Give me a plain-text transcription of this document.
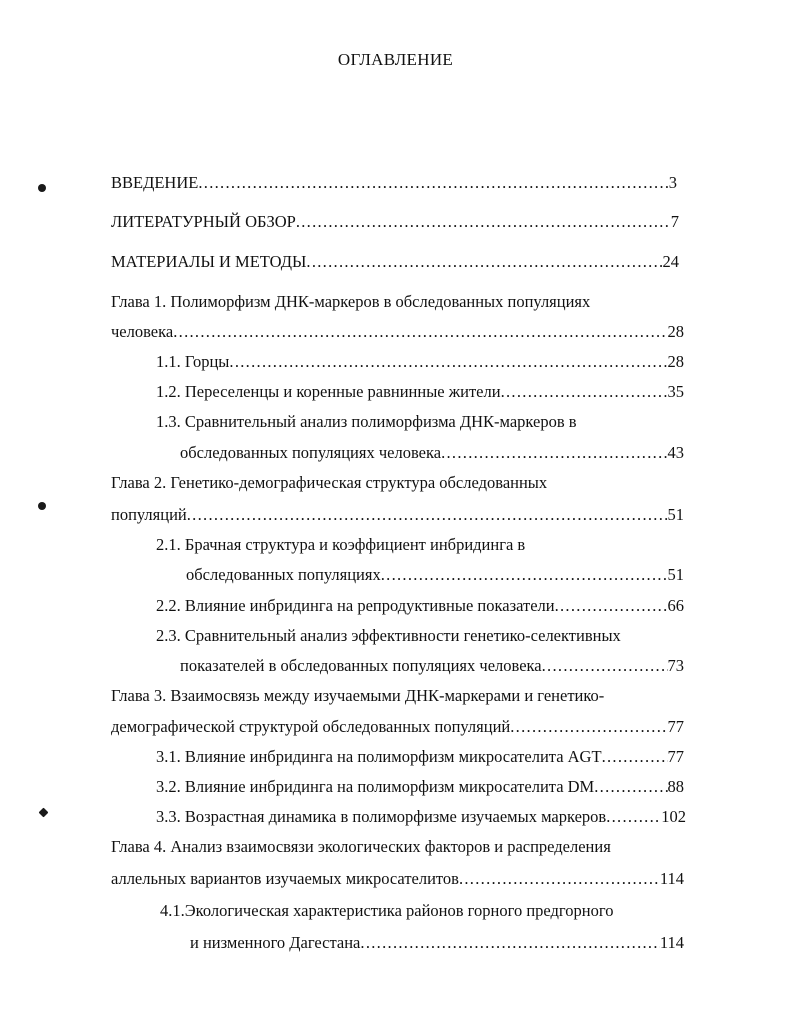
ОГЛАВЛЕНИЕ
ВВЕДЕНИЕ .....	3
ЛИТЕРАТУРНЫЙ ОБЗОР .....	7
МАТЕРИАЛЫ И МЕТОДЫ .....	24
Глава 1. Полиморфизм ДНК-маркеров в обследованных популяциях
человека .....	28
1.1. Горцы .....	28
1.2. Переселенцы и коренные равнинные жители .....	35
1.3. Сравнительный анализ полиморфизма ДНК-маркеров в
обследованных популяциях человека .....	43
Глава 2. Генетико-демографическая структура обследованных
популяций .....	51
2.1. Брачная структура и коэффициент инбридинга в
обследованных популяциях .....	51
2.2. Влияние инбридинга на репродуктивные показатели .....	66
2.3. Сравнительный анализ эффективности генетико-селективных
показателей в обследованных популяциях человека .....	73
Глава 3. Взаимосвязь между изучаемыми ДНК-маркерами и генетико-
демографической структурой обследованных популяций .....	77
3.1. Влияние инбридинга на полиморфизм микросателита AGT .....	77
3.2. Влияние инбридинга на полиморфизм микросателита DM .....	88
3.3. Возрастная динамика в полиморфизме изучаемых маркеров .....	102
Глава 4. Анализ взаимосвязи экологических факторов и распределения
аллельных вариантов изучаемых микросателитов .....	114
4.1.Экологическая характеристика районов горного предгорного
и низменного Дагестана .....	114
